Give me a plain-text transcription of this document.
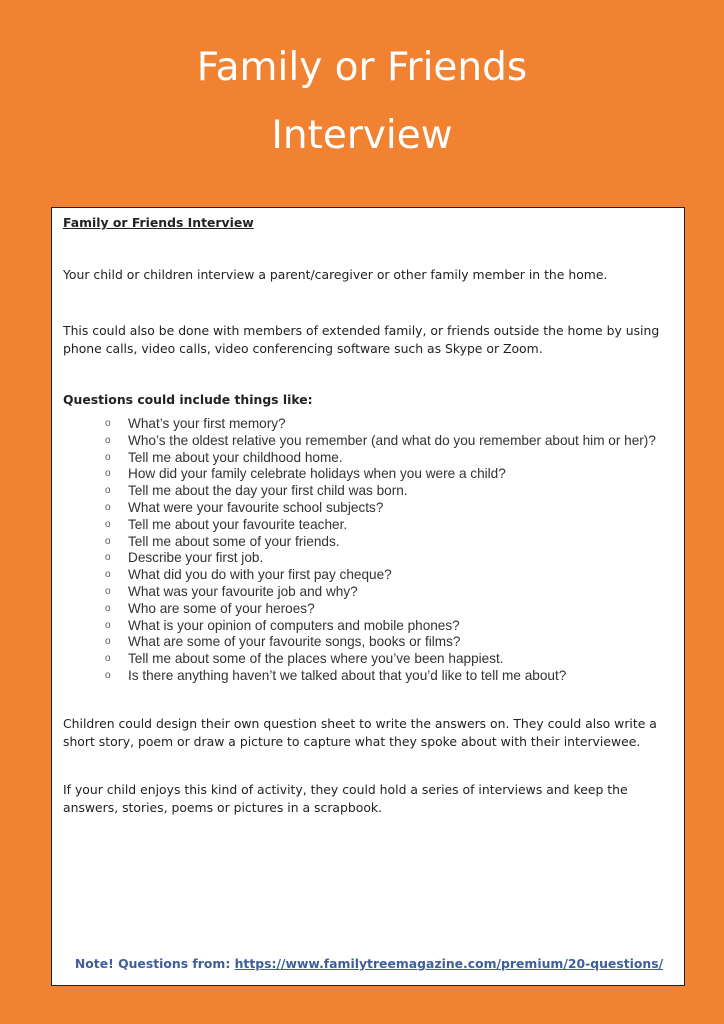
Family or Friends
Interview
Family or Friends Interview

Your child or children interview a parent/caregiver or other family member in the home.

This could also be done with members of extended family, or friends outside the home by using phone calls, video calls, video conferencing software such as Skype or Zoom.

Questions could include things like:

o What’s your first memory?
o Who’s the oldest relative you remember (and what do you remember about him or her)?
o Tell me about your childhood home.
o How did your family celebrate holidays when you were a child?
o Tell me about the day your first child was born.
o What were your favourite school subjects?
o Tell me about your favourite teacher.
o Tell me about some of your friends.
o Describe your first job.
o What did you do with your first pay cheque?
o What was your favourite job and why?
o Who are some of your heroes?
o What is your opinion of computers and mobile phones?
o What are some of your favourite songs, books or films?
o Tell me about some of the places where you’ve been happiest.
o Is there anything haven’t we talked about that you’d like to tell me about?

Children could design their own question sheet to write the answers on. They could also write a short story, poem or draw a picture to capture what they spoke about with their interviewee.

If your child enjoys this kind of activity, they could hold a series of interviews and keep the answers, stories, poems or pictures in a scrapbook.

Note! Questions from: https://www.familytreemagazine.com/premium/20-questions/
